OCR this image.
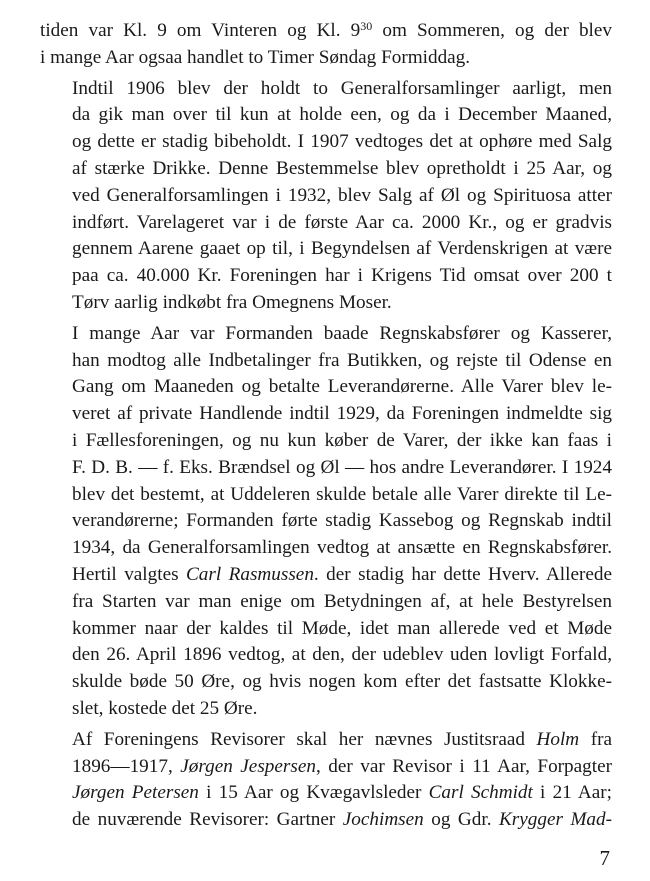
tiden var Kl. 9 om Vinteren og Kl. $9^{30}$ om Sommeren, og der blev
i mange Aar ogsaa handlet to Timer Søndag Formiddag.
Indtil 1906 blev der holdt to Generalforsamlinger aarligt, men
da gik man over til kun at holde een, og da i December Maaned,
og dette er stadig bibeholdt. I 1907 vedtoges det at ophøre med Salg
af stærke Drikke. Denne Bestemmelse blev opretholdt i 25 Aar, og
ved Generalforsamlingen i 1932, blev Salg af Øl og Spirituosa atter
indført. Varelageret var i de første Aar ca. 2000 Kr., og er gradvis
gennem Aarene gaaet op til, i Begyndelsen af Verdenskrigen at være
paa ca. 40.000 Kr. Foreningen har i Krigens Tid omsat over 200 t
Tørv aarlig indkøbt fra Omegnens Moser.
I mange Aar var Formanden baade Regnskabsfører og Kasserer,
han modtog alle Indbetalinger fra Butikken, og rejste til Odense en
Gang om Maaneden og betalte Leverandørerne. Alle Varer blev le-
veret af private Handlende indtil 1929, da Foreningen indmeldte sig
i Fællesforeningen, og nu kun køber de Varer, der ikke kan faas i
F. D. B. — f. Eks. Brændsel og Øl — hos andre Leverandører. I 1924
blev det bestemt, at Uddeleren skulde betale alle Varer direkte til Le-
verandørerne; Formanden førte stadig Kassebog og Regnskab indtil
1934, da Generalforsamlingen vedtog at ansætte en Regnskabsfører.
Hertil valgtes Carl Rasmussen. der stadig har dette Hverv. Allerede
fra Starten var man enige om Betydningen af, at hele Bestyrelsen
kommer naar der kaldes til Møde, idet man allerede ved et Møde
den 26. April 1896 vedtog, at den, der udeblev uden lovligt Forfald,
skulde bøde 50 Øre, og hvis nogen kom efter det fastsatte Klokke-
slet, kostede det 25 Øre.
Af Foreningens Revisorer skal her nævnes Justitsraad Holm fra
1896—1917, Jørgen Jespersen, der var Revisor i 11 Aar, Forpagter
Jørgen Petersen i 15 Aar og Kvægavlsleder Carl Schmidt i 21 Aar;
de nuværende Revisorer: Gartner Jochimsen og Gdr. Krygger Mad-
7
